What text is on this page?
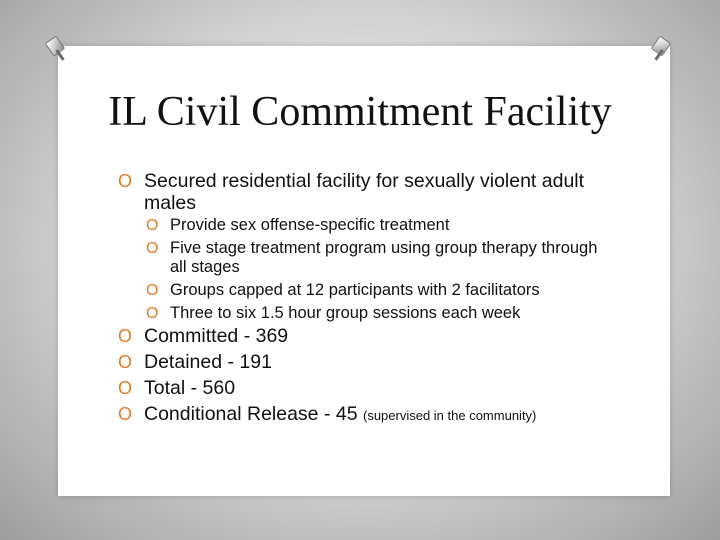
IL Civil Commitment Facility
O Secured residential facility for sexually violent adult males
O Provide sex offense-specific treatment
O Five stage treatment program using group therapy through all stages
O Groups capped at 12 participants with 2 facilitators
O Three to six 1.5 hour group sessions each week
O Committed - 369
O Detained - 191
O Total - 560
O Conditional Release - 45 (supervised in the community)
